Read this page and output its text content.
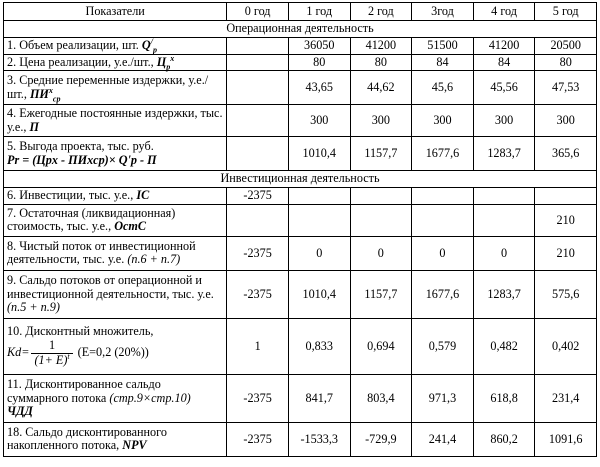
Показатели	0 год	1 год	2 год	3год	4 год	5 год
Операционная деятельность						
1. Объем реализации, шт. $Q^/_p$		36050	41200	51500	41200	20500
2. Цена реализации, у.е./шт., $Ц_p^x$		80	80	84	84	80
3. Средние переменные издержки, у.е./шт., $ПИ^x_{ср}$		43,65	44,62	45,6	45,56	47,53
4. Ежегодные постоянные издержки, тыс. у.е., П		300	300	300	300	300
5. Выгода проекта, тыс. руб.
Pr = (Цpx - ПИxср)× Q'p - П		1010,4	1157,7	1677,6	1283,7	365,6
Инвестиционная деятельность						
6. Инвестиции, тыс. у.е., IC	-2375					
7. Остаточная (ликвидационная) стоимость, тыс. у.е., ОстС						210
8. Чистый поток от инвестиционной деятельности, тыс. у.е. (п.6 + п.7)	-2375	0	0	0	0	210
9. Сальдо потоков от операционной и инвестиционной деятельности, тыс. у.е. (п.5 + п.9)	-2375	1010,4	1157,7	1677,6	1283,7	575,6
10. Дисконтный множитель,
$Kd= \frac{1}{(1+ E)^t} (Е=0,2$ (20%))	1	0,833	0,694	0,579	0,482	0,402
11. Дисконтированное сальдо суммарного потока (стр.9×стр.10)
ЧДД	-2375	841,7	803,4	971,3	618,8	231,4
18. Сальдо дисконтированного накопленного потока, NPV	-2375	-1533,3	-729,9	241,4	860,2	1091,6
